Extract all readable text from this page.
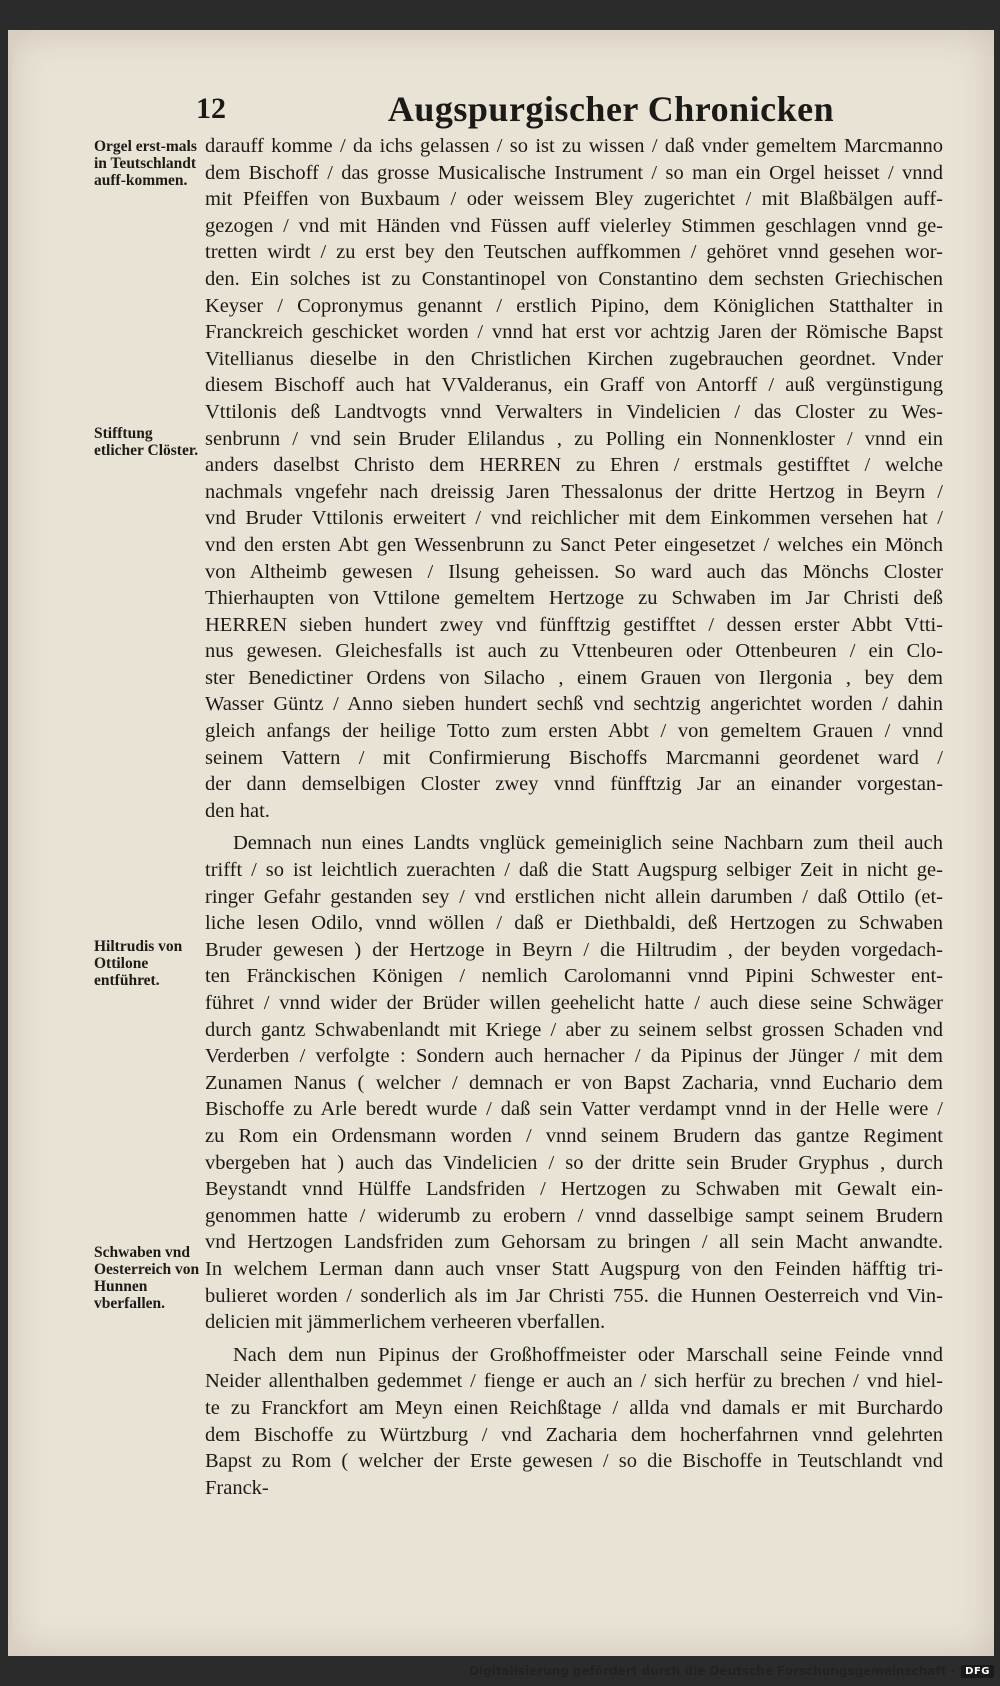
12	Augspurgischer Chronicken
Orgel erst-mals in Teutschlandt auff-kommen.
Stifftung etlicher Clöster.
Hiltrudis von Ottilone entführet.
Schwaben vnd Oesterreich von Hunnen vberfallen.
darauff komme / da ichs gelassen / so ist zu wissen / daß vnder gemeltem Marcmanno
dem Bischoff / das grosse Musicalische Instrument / so man ein Orgel heisset / vnnd
mit Pfeiffen von Buxbaum / oder weissem Bley zugerichtet / mit Blaßbälgen auff-
gezogen / vnd mit Händen vnd Füssen auff vielerley Stimmen geschlagen vnnd ge-
tretten wirdt / zu erst bey den Teutschen auffkommen / gehöret vnnd gesehen wor-
den. Ein solches ist zu Constantinopel von Constantino dem sechsten Griechischen
Keyser / Copronymus genannt / erstlich Pipino, dem Königlichen Statthalter in
Franckreich geschicket worden / vnnd hat erst vor achtzig Jaren der Römische Bapst
Vitellianus dieselbe in den Christlichen Kirchen zugebrauchen geordnet. Vnder
diesem Bischoff auch hat VValderanus, ein Graff von Antorff / auß vergünstigung
Vttilonis deß Landtvogts vnnd Verwalters in Vindelicien / das Closter zu Wes-
senbrunn / vnd sein Bruder Elilandus , zu Polling ein Nonnenkloster / vnnd ein
anders daselbst Christo dem HERREN zu Ehren / erstmals gestifftet / welche
nachmals vngefehr nach dreissig Jaren Thessalonus der dritte Hertzog in Beyrn /
vnd Bruder Vttilonis erweitert / vnd reichlicher mit dem Einkommen versehen hat /
vnd den ersten Abt gen Wessenbrunn zu Sanct Peter eingesetzet / welches ein Mönch
von Altheimb gewesen / Ilsung geheissen. So ward auch das Mönchs Closter
Thierhaupten von Vttilone gemeltem Hertzoge zu Schwaben im Jar Christi deß
HERREN sieben hundert zwey vnd fünfftzig gestifftet / dessen erster Abbt Vtti-
nus gewesen. Gleichesfalls ist auch zu Vttenbeuren oder Ottenbeuren / ein Clo-
ster Benedictiner Ordens von Silacho , einem Grauen von Ilergonia , bey dem
Wasser Güntz / Anno sieben hundert sechß vnd sechtzig angerichtet worden / dahin
gleich anfangs der heilige Totto zum ersten Abbt / von gemeltem Grauen / vnnd
seinem Vattern / mit Confirmierung Bischoffs Marcmanni geordenet ward /
der dann demselbigen Closter zwey vnnd fünfftzig Jar an einander vorgestan-
den hat.
Demnach nun eines Landts vnglück gemeiniglich seine Nachbarn zum theil auch
trifft / so ist leichtlich zuerachten / daß die Statt Augspurg selbiger Zeit in nicht ge-
ringer Gefahr gestanden sey / vnd erstlichen nicht allein darumben / daß Ottilo (et-
liche lesen Odilo, vnnd wöllen / daß er Diethbaldi, deß Hertzogen zu Schwaben
Bruder gewesen ) der Hertzoge in Beyrn / die Hiltrudim , der beyden vorgedach-
ten Fränckischen Königen / nemlich Carolomanni vnnd Pipini Schwester ent-
führet / vnnd wider der Brüder willen geehelicht hatte / auch diese seine Schwäger
durch gantz Schwabenlandt mit Kriege / aber zu seinem selbst grossen Schaden vnd
Verderben / verfolgte : Sondern auch hernacher / da Pipinus der Jünger / mit dem
Zunamen Nanus ( welcher / demnach er von Bapst Zacharia, vnnd Euchario dem
Bischoffe zu Arle beredt wurde / daß sein Vatter verdampt vnnd in der Helle were /
zu Rom ein Ordensmann worden / vnnd seinem Brudern das gantze Regiment
vbergeben hat ) auch das Vindelicien / so der dritte sein Bruder Gryphus , durch
Beystandt vnnd Hülffe Landsfriden / Hertzogen zu Schwaben mit Gewalt ein-
genommen hatte / widerumb zu erobern / vnnd dasselbige sampt seinem Brudern
vnd Hertzogen Landsfriden zum Gehorsam zu bringen / all sein Macht anwandte.
In welchem Lerman dann auch vnser Statt Augspurg von den Feinden häfftig tri-
bulieret worden / sonderlich als im Jar Christi 755. die Hunnen Oesterreich vnd Vin-
delicien mit jämmerlichem verheeren vberfallen.
Nach dem nun Pipinus der Großhoffmeister oder Marschall seine Feinde vnnd
Neider allenthalben gedemmet / fienge er auch an / sich herfür zu brechen / vnd hiel-
te zu Franckfort am Meyn einen Reichßtage / allda vnd damals er mit Burchardo
dem Bischoffe zu Würtzburg / vnd Zacharia dem hocherfahrnen vnnd gelehrten
Bapst zu Rom ( welcher der Erste gewesen / so die Bischoffe in Teutschlandt vnd
Franck-
Digitalisierung gefördert durch die Deutsche Forschungsgemeinschaft ·	DFG
